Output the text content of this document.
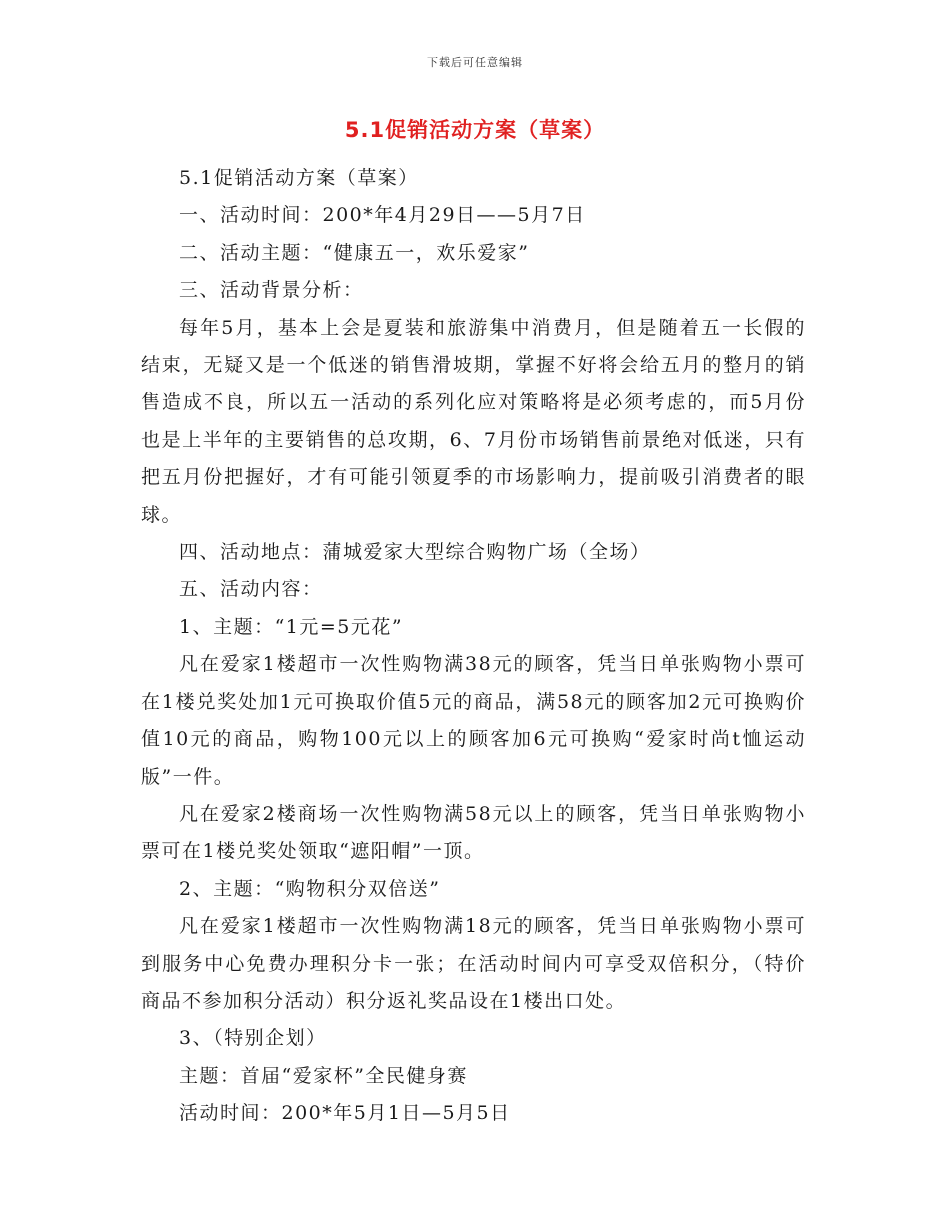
下载后可任意编辑
5.1促销活动方案（草案）

5.1促销活动方案（草案）

一、活动时间：200*年4月29日——5月7日

二、活动主题：“健康五一，欢乐爱家”

三、活动背景分析：

每年5月，基本上会是夏装和旅游集中消费月，但是随着五一长假的结束，无疑又是一个低迷的销售滑坡期，掌握不好将会给五月的整月的销售造成不良，所以五一活动的系列化应对策略将是必须考虑的，而5月份也是上半年的主要销售的总攻期，6、7月份市场销售前景绝对低迷，只有把五月份把握好，才有可能引领夏季的市场影响力，提前吸引消费者的眼球。

四、活动地点：蒲城爱家大型综合购物广场（全场）

五、活动内容：

1、主题：“1元=5元花”

凡在爱家1楼超市一次性购物满38元的顾客，凭当日单张购物小票可在1楼兑奖处加1元可换取价值5元的商品，满58元的顾客加2元可换购价值10元的商品，购物100元以上的顾客加6元可换购“爱家时尚t恤运动版”一件。

凡在爱家2楼商场一次性购物满58元以上的顾客，凭当日单张购物小票可在1楼兑奖处领取“遮阳帽”一顶。

2、主题：“购物积分双倍送”

凡在爱家1楼超市一次性购物满18元的顾客，凭当日单张购物小票可到服务中心免费办理积分卡一张；在活动时间内可享受双倍积分，（特价商品不参加积分活动）积分返礼奖品设在1楼出口处。

3、（特别企划）

主题：首届“爱家杯”全民健身赛

活动时间：200*年5月1日—5月5日
